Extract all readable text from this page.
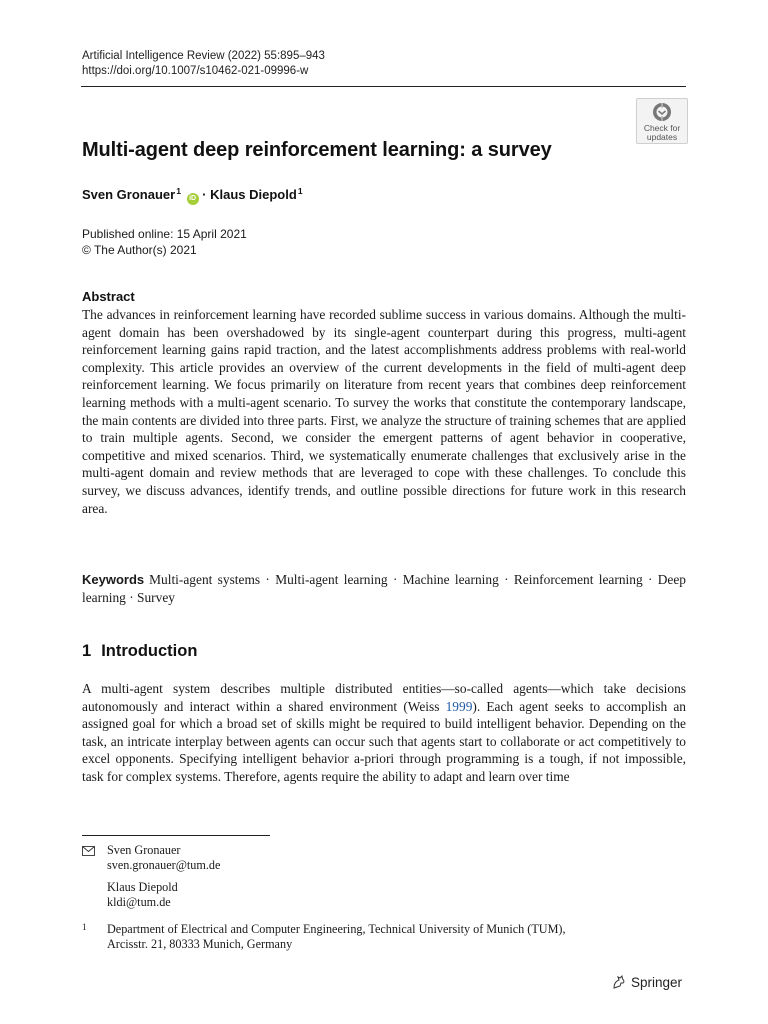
Artificial Intelligence Review (2022) 55:895–943
https://doi.org/10.1007/s10462-021-09996-w
Check for
updates
Multi-agent deep reinforcement learning: a survey
Sven Gronauer$^1$ iD · Klaus Diepold$^1$
Published online: 15 April 2021
© The Author(s) 2021
Abstract
The advances in reinforcement learning have recorded sublime success in various domains. Although the multi-agent domain has been overshadowed by its single-agent counterpart during this progress, multi-agent reinforcement learning gains rapid traction, and the latest accomplishments address problems with real-world complexity. This article provides an overview of the current developments in the field of multi-agent deep reinforcement learning. We focus primarily on literature from recent years that combines deep reinforcement learning methods with a multi-agent scenario. To survey the works that constitute the contemporary landscape, the main contents are divided into three parts. First, we analyze the structure of training schemes that are applied to train multiple agents. Second, we consider the emergent patterns of agent behavior in cooperative, competitive and mixed scenarios. Third, we systematically enumerate challenges that exclusively arise in the multi-agent domain and review methods that are leveraged to cope with these challenges. To conclude this survey, we discuss advances, identify trends, and outline possible directions for future work in this research area.
Keywords Multi-agent systems · Multi-agent learning · Machine learning · Reinforcement learning · Deep learning · Survey
1 Introduction
A multi-agent system describes multiple distributed entities—so-called agents—which take decisions autonomously and interact within a shared environment (Weiss 1999). Each agent seeks to accomplish an assigned goal for which a broad set of skills might be required to build intelligent behavior. Depending on the task, an intricate interplay between agents can occur such that agents start to collaborate or act competitively to excel opponents. Specifying intelligent behavior a-priori through programming is a tough, if not impossible, task for complex systems. Therefore, agents require the ability to adapt and learn over time
Sven Gronauer
sven.gronauer@tum.de
Klaus Diepold
kldi@tum.de
1 Department of Electrical and Computer Engineering, Technical University of Munich (TUM),
Arcisstr. 21, 80333 Munich, Germany
Springer
